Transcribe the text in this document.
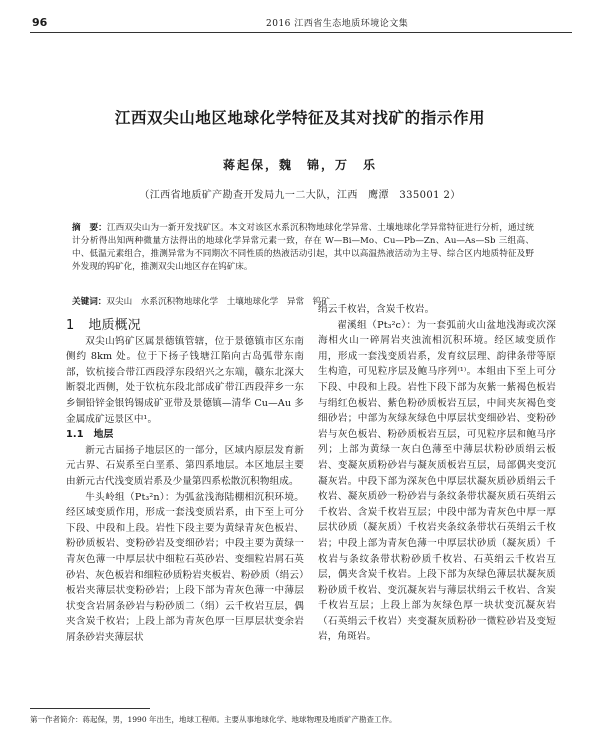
96	2016 江西省生态地质环境论文集
江西双尖山地区地球化学特征及其对找矿的指示作用
蒋起保，魏　锦，万　乐
（江西省地质矿产勘查开发局九一二大队，江西　鹰潭　335001 2）
摘　要：江西双尖山为一新开发找矿区。本文对该区水系沉积物地球化学异常、土壤地球化学异常特征进行分析，通过统计分析得出知两种微量方法得出的地球化学异常元素一致，存在 W—Bi—Mo、Cu—Pb—Zn、Au—As—Sb 三组高、中、低温元素组合，推测异常为不同期次不同性质的热液活动引起，其中以高温热液活动为主导、综合区内地质特征及野外发现的钨矿化，推测双尖山地区存在钨矿床。
关键词：双尖山　水系沉积物地球化学　土壤地球化学　异常　钨矿

1 地质概况

双尖山钨矿区属景德镇管辖，位于景德镇市区东南侧约 8km 处。位于下扬子钱塘江陷向古岛弧带东南部，钦杭接合带江西段浮东段绍兴之东端，赣东北深大断裂北西侧，处于钦杭东段北部成矿带江西段萍乡一东乡铜铅锌金银钨锡成矿亚带及景德镇—清华 Cu—Au 多金属成矿远景区中¹。

1.1 地层

新元古届扬子地层区的一部分，区域内原层发育新元古界、石炭系至白垩系、第四系地层。本区地层主要由新元古代浅变质岩系及少量第四系松散沉积物组成。

牛头岭组（Pt₃²n）：为弧盆浅海陆棚相沉积环境。经区域变质作用，形成一套浅变质岩系，由下至上可分下段、中段和上段。岩性下段主要为黄绿青灰色板岩、粉砂质板岩、变粉砂岩及变细砂岩；中段主要为黄绿一青灰色薄一中厚层状中细粒石英砂岩、变细粒岩屑石英砂岩、灰色板岩和细粒砂质粉岩夹板岩、粉砂质（绢云）板岩夹薄层状变粉砂岩；上段下部为青灰色薄一中薄层状变含岩屑条砂岩与粉砂质二（绢）云千枚岩互层，偶夹含炭千枚岩；上段上部为青灰色厚一巨厚层状变余岩屑条砂岩夹薄层状

绢云千枚岩，含炭千枚岩。

翟溪组（Pt₃²c）：为一套弧前火山盆地浅海或次深海相火山一碎屑岩夹浊流相沉积环境。经区域变质作用，形成一套浅变质岩系，发育纹层理、韵律条带等原生构造，可见粒序层及鲍马序列⁽¹⁾。本组由下至上可分下段、中段和上段。岩性下段下部为灰紫一紫褐色板岩与绢红色板岩、紫色粉砂质板岩互层，中间夹灰褐色变细砂岩；中部为灰绿灰绿色中厚层状变细砂岩、变粉砂岩与灰色板岩、粉砂质板岩互层，可见粒序层和鲍马序列；上部为黄绿一灰白色薄至中薄层状粉砂质绢云板岩、变凝灰质粉砂岩与凝灰质板岩互层，局部偶夹变沉凝灰岩。中段下部为深灰色中厚层状凝灰质砂质绢云千枚岩、凝灰质砂一粉砂岩与条纹条带状凝灰质石英绢云千枚岩、含炭千枚岩互层；中段中部为青灰色中厚一厚层状砂质（凝灰质）千枚岩夹条纹条带状石英绢云千枚岩；中段上部为青灰色薄一中厚层状砂质（凝灰质）千枚岩与条纹条带状粉砂质千枚岩、石英绢云千枚岩互层，偶夹含炭千枚岩。上段下部为灰绿色薄层状凝灰质粉砂质千枚岩、变沉凝灰岩与薄层状绢云千枚岩、含炭千枚岩互层；上段上部为灰绿色厚一块状变沉凝灰岩（石英绢云千枚岩）夹变凝灰质粉砂一微粒砂岩及变短岩，角斑岩。

第一作者简介：蒋起保，男，1990 年出生，地球工程师。主要从事地球化学、地球物理及地质矿产勘查工作。
